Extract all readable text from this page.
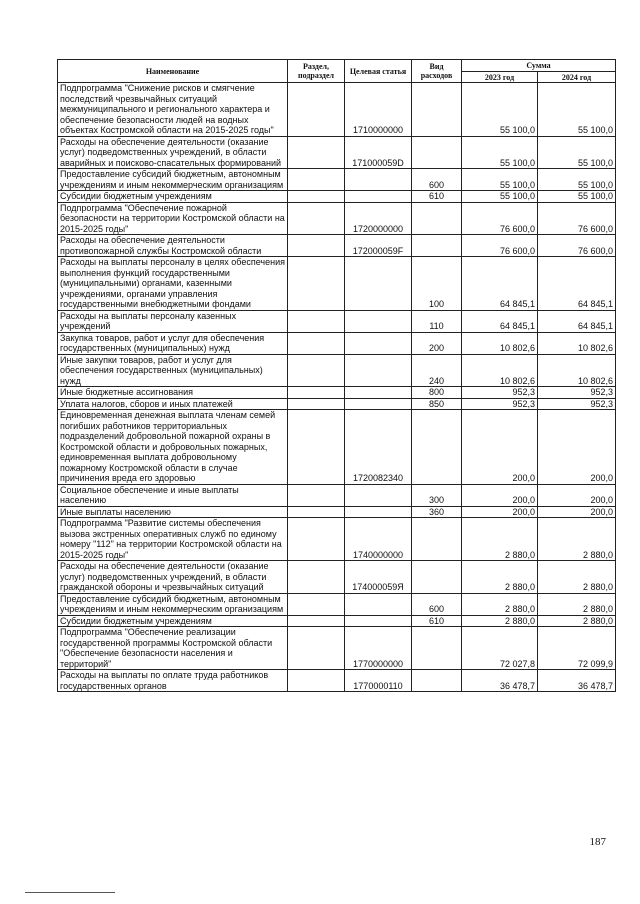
Наименование	Раздел, подраздел	Целевая статья	Вид расходов	Сумма	
				2023 год	2024 год
Подпрограмма "Снижение рисков и смягчение последствий чрезвычайных ситуаций межмуниципального и регионального характера и обеспечение безопасности людей на водных объектах Костромской области на 2015-2025 годы"		1710000000		55 100,0	55 100,0
Расходы на обеспечение деятельности (оказание услуг) подведомственных учреждений, в области аварийных и поисково-спасательных формирований		171000059D		55 100,0	55 100,0
Предоставление субсидий бюджетным, автономным учреждениям и иным некоммерческим организациям			600	55 100,0	55 100,0
Субсидии бюджетным учреждениям			610	55 100,0	55 100,0
Подпрограмма "Обеспечение пожарной безопасности на территории Костромской области на 2015-2025 годы"		1720000000		76 600,0	76 600,0
Расходы на обеспечение деятельности противопожарной службы Костромской области		172000059F		76 600,0	76 600,0
Расходы на выплаты персоналу в целях обеспечения выполнения функций государственными (муниципальными) органами, казенными учреждениями, органами управления государственными внебюджетными фондами			100	64 845,1	64 845,1
Расходы на выплаты персоналу казенных учреждений			110	64 845,1	64 845,1
Закупка товаров, работ и услуг для обеспечения государственных (муниципальных) нужд			200	10 802,6	10 802,6
Иные закупки товаров, работ и услуг для обеспечения государственных (муниципальных) нужд			240	10 802,6	10 802,6
Иные бюджетные ассигнования			800	952,3	952,3
Уплата налогов, сборов и иных платежей			850	952,3	952,3
Единовременная денежная выплата членам семей погибших работников территориальных подразделений добровольной пожарной охраны в Костромской области и добровольных пожарных, единовременная выплата добровольному пожарному Костромской области в случае причинения вреда его здоровью		1720082340		200,0	200,0
Социальное обеспечение и иные выплаты населению			300	200,0	200,0
Иные выплаты населению			360	200,0	200,0
Подпрограмма "Развитие системы обеспечения вызова экстренных оперативных служб по единому номеру "112" на территории Костромской области на 2015-2025 годы"		1740000000		2 880,0	2 880,0
Расходы на обеспечение деятельности (оказание услуг) подведомственных учреждений, в области гражданской обороны и чрезвычайных ситуаций		174000059Я		2 880,0	2 880,0
Предоставление субсидий бюджетным, автономным учреждениям и иным некоммерческим организациям			600	2 880,0	2 880,0
Субсидии бюджетным учреждениям			610	2 880,0	2 880,0
Подпрограмма "Обеспечение реализации государственной программы Костромской области "Обеспечение безопасности населения и территорий"		1770000000		72 027,8	72 099,9
Расходы на выплаты по оплате труда работников государственных органов		1770000110		36 478,7	36 478,7
187
